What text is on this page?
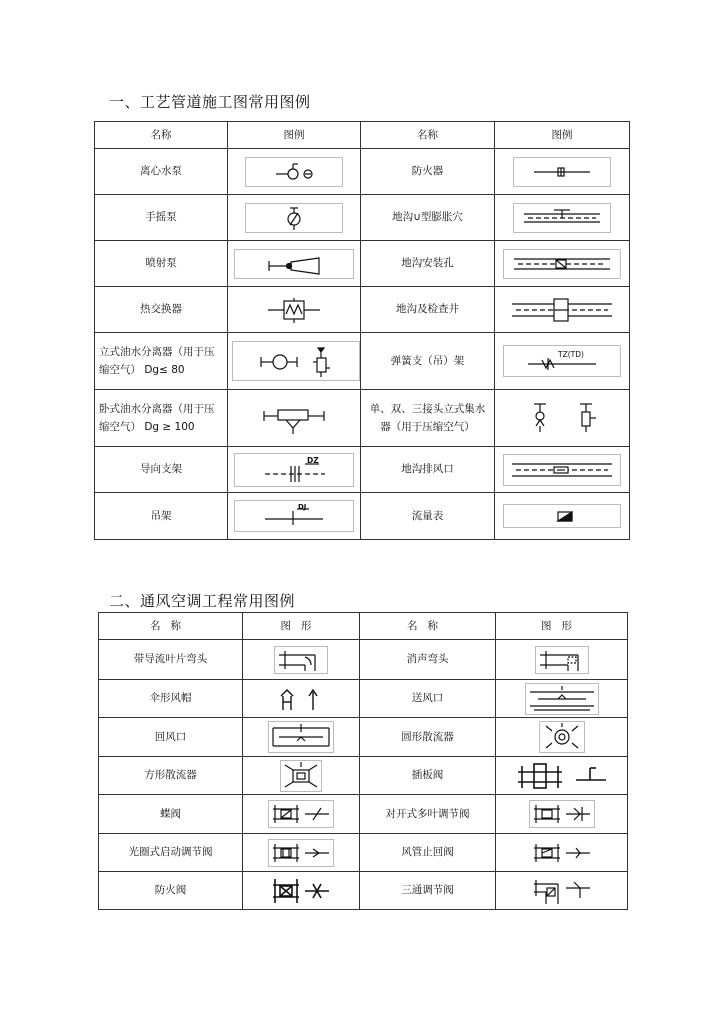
一、工艺管道施工图常用图例
名称	图例	名称	图例
离心水泵		防火器	

手摇泵		地沟∪型膨胀穴	

喷射泵		地沟安装孔	

热交换器		地沟及检查井	

立式油水分离器（用于压缩空气） Dg≤ 80		弹簧支（吊）架	TZ(TD)

卧式油水分离器（用于压缩空气） Dg ≥ 100		单、双、三接头立式集水器（用于压缩空气）	

导向支架	DZ	地沟排风口	

吊架	DJ	流量表	
二、通风空调工程常用图例
名称	图形	名称	图形
带导流叶片弯头		消声弯头	

伞形风帽		送风口	

回风口		圆形散流器	

方形散流器		插板阀	

蝶阀		对开式多叶调节阀	

光圈式启动调节阀		风管止回阀	

防火阀		三通调节阀	
